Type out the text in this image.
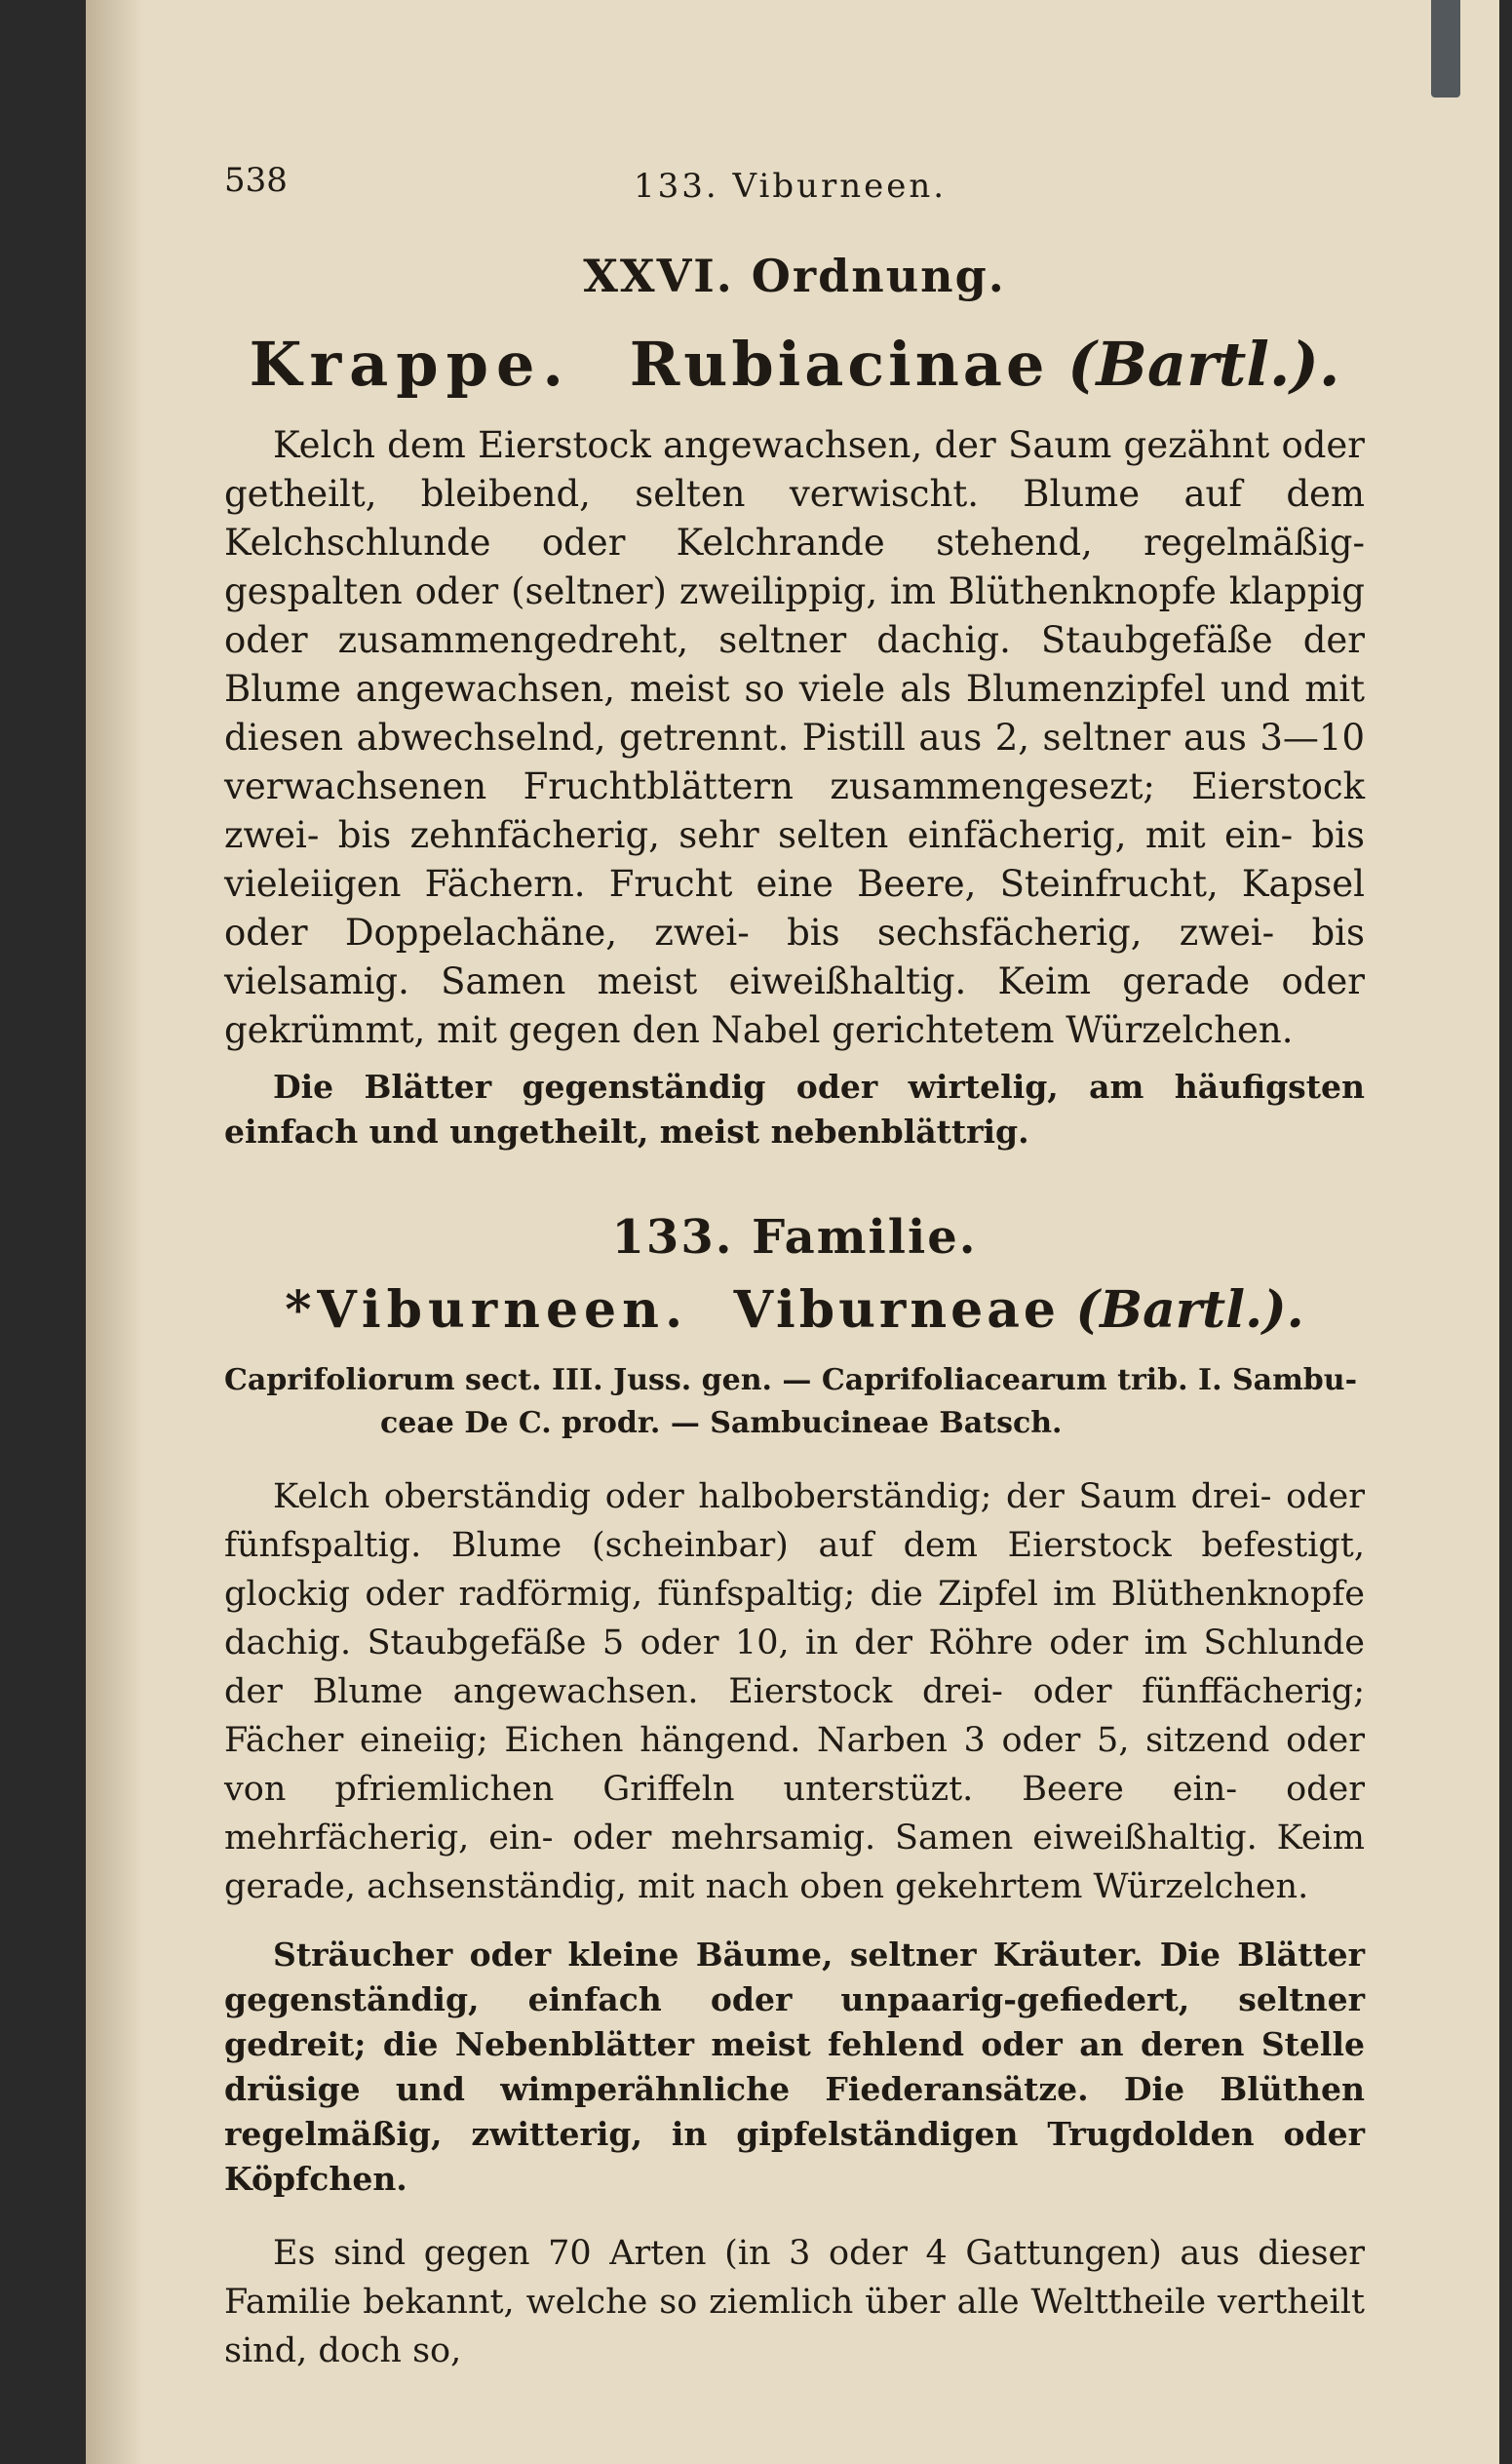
538	133. Viburneen.
XXVI. Ordnung.
Krappe. Rubiacinae (Bartl.).

Kelch dem Eierstock angewachsen, der Saum gezähnt oder getheilt, bleibend, selten verwischt. Blume auf dem Kelchschlunde oder Kelchrande stehend, regelmäßig- gespalten oder (seltner) zweilippig, im Blüthenknopfe klappig oder zusammengedreht, seltner dachig. Staubgefäße der Blume angewachsen, meist so viele als Blumenzipfel und mit diesen abwechselnd, getrennt. Pistill aus 2, seltner aus 3—10 verwachsenen Fruchtblättern zusammengesezt; Eierstock zwei- bis zehnfächerig, sehr selten einfächerig, mit ein- bis vieleiigen Fächern. Frucht eine Beere, Steinfrucht, Kapsel oder Doppelachäne, zwei- bis sechsfächerig, zwei- bis vielsamig. Samen meist eiweißhaltig. Keim gerade oder gekrümmt, mit gegen den Nabel gerichtetem Würzelchen.

Die Blätter gegenständig oder wirtelig, am häufigsten einfach und ungetheilt, meist nebenblättrig.

133. Familie.
*Viburneen. Viburneae (Bartl.).
Caprifoliorum sect. III. Juss. gen. — Caprifoliacearum trib. I. Sambu-
ceae De C. prodr. — Sambucineae Batsch.

Kelch oberständig oder halboberständig; der Saum drei- oder fünfspaltig. Blume (scheinbar) auf dem Eierstock befestigt, glockig oder radförmig, fünfspaltig; die Zipfel im Blüthenknopfe dachig. Staubgefäße 5 oder 10, in der Röhre oder im Schlunde der Blume angewachsen. Eierstock drei- oder fünffächerig; Fächer eineiig; Eichen hängend. Narben 3 oder 5, sitzend oder von pfriemlichen Griffeln unterstüzt. Beere ein- oder mehrfächerig, ein- oder mehrsamig. Samen eiweißhaltig. Keim gerade, achsenständig, mit nach oben gekehrtem Würzelchen.

Sträucher oder kleine Bäume, seltner Kräuter. Die Blätter gegenständig, einfach oder unpaarig-gefiedert, seltner gedreit; die Nebenblätter meist fehlend oder an deren Stelle drüsige und wimperähnliche Fiederansätze. Die Blüthen regelmäßig, zwitterig, in gipfelständigen Trugdolden oder Köpfchen.

Es sind gegen 70 Arten (in 3 oder 4 Gattungen) aus dieser Familie bekannt, welche so ziemlich über alle Welttheile vertheilt sind, doch so,
